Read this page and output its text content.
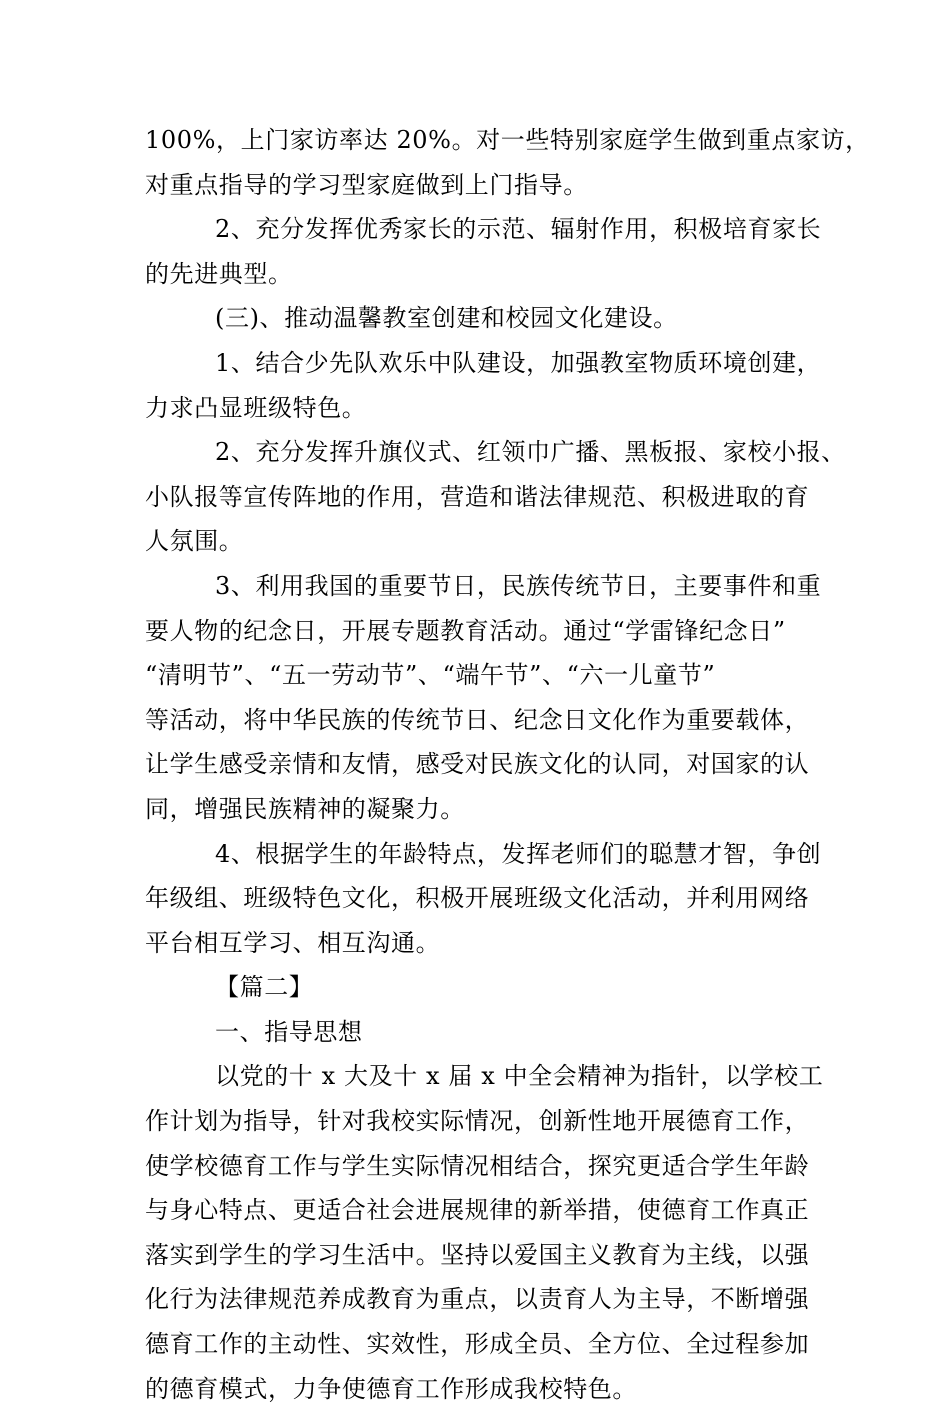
100%，上门家访率达 20%。对一些特别家庭学生做到重点家访，
对重点指导的学习型家庭做到上门指导。
2、充分发挥优秀家长的示范、辐射作用，积极培育家长
的先进典型。
(三)、推动温馨教室创建和校园文化建设。
1、结合少先队欢乐中队建设，加强教室物质环境创建，
力求凸显班级特色。
2、充分发挥升旗仪式、红领巾广播、黑板报、家校小报、
小队报等宣传阵地的作用，营造和谐法律规范、积极进取的育
人氛围。
3、利用我国的重要节日，民族传统节日，主要事件和重
要人物的纪念日，开展专题教育活动。通过“学雷锋纪念日”
“清明节”、“五一劳动节”、“端午节”、“六一儿童节”
等活动，将中华民族的传统节日、纪念日文化作为重要载体，
让学生感受亲情和友情，感受对民族文化的认同，对国家的认
同，增强民族精神的凝聚力。
4、根据学生的年龄特点，发挥老师们的聪慧才智，争创
年级组、班级特色文化，积极开展班级文化活动，并利用网络
平台相互学习、相互沟通。
【篇二】
一、指导思想
以党的十 x 大及十 x 届 x 中全会精神为指针，以学校工
作计划为指导，针对我校实际情况，创新性地开展德育工作，
使学校德育工作与学生实际情况相结合，探究更适合学生年龄
与身心特点、更适合社会进展规律的新举措，使德育工作真正
落实到学生的学习生活中。坚持以爱国主义教育为主线，以强
化行为法律规范养成教育为重点，以责育人为主导，不断增强
德育工作的主动性、实效性，形成全员、全方位、全过程参加
的德育模式，力争使德育工作形成我校特色。
